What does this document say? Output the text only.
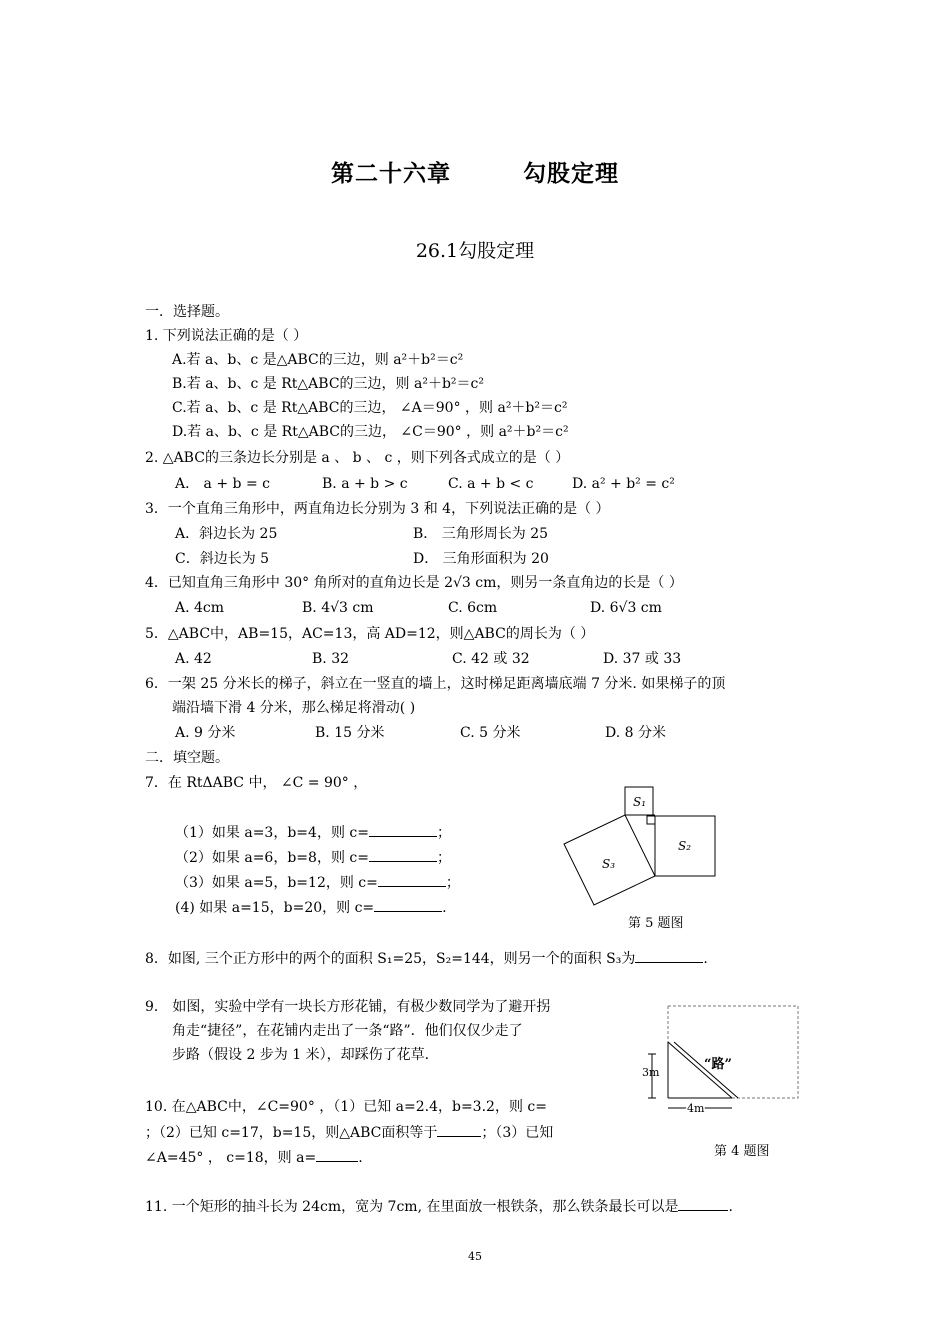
第二十六章        勾股定理
26.1勾股定理
一．选择题。
1. 下列说法正确的是（ ）
A.若 a、b、c 是△ABC的三边，则 a²＋b²＝c²
B.若 a、b、c 是 Rt△ABC的三边，则 a²＋b²＝c²
C.若 a、b、c 是 Rt△ABC的三边， ∠A＝90° ，则 a²＋b²＝c²
D.若 a、b、c 是 Rt△ABC的三边， ∠C＝90° ，则 a²＋b²＝c²
2. △ABC的三条边长分别是 a 、 b 、 c ，则下列各式成立的是（ ）
A． a + b = c	B. a + b > c	C. a + b < c	D. a² + b² = c²
3．一个直角三角形中，两直角边长分别为 3 和 4，下列说法正确的是（ ）
A．斜边长为 25	B． 三角形周长为 25
C．斜边长为 5	D． 三角形面积为 20
4．已知直角三角形中 30° 角所对的直角边长是 2√3 cm，则另一条直角边的长是（ ）
A. 4cm	B. 4√3 cm	C. 6cm	D. 6√3 cm
5．△ABC中，AB=15，AC=13，高 AD=12，则△ABC的周长为（ ）
A. 42	B. 32	C. 42 或 32	D. 37 或 33
6．一架 25 分米长的梯子，斜立在一竖直的墙上，这时梯足距离墙底端 7 分米. 如果梯子的顶
端沿墙下滑 4 分米，那么梯足将滑动( )
A. 9 分米	B. 15 分米	C. 5 分米	D. 8 分米
二．填空题。
7．在 RtΔABC 中， ∠C = 90° ，
（1）如果 a=3，b=4，则 c=	；
（2）如果 a=6，b=8，则 c=	；
（3）如果 a=5，b=12，则 c=	；
(4) 如果 a=15，b=20，则 c=	.
S₁
S₂
S₃
第 5 题图
8．如图, 三个正方形中的两个的面积 S₁=25，S₂=144，则另一个的面积 S₃为	.
9． 如图，实验中学有一块长方形花铺，有极少数同学为了避开拐
角走“捷径”，在花铺内走出了一条“路”．他们仅仅少走了
步路（假设 2 步为 1 米），却踩伤了花草.
3m
4m
“路”
第 4 题图
10. 在△ABC中，∠C=90° ，（1）已知 a=2.4，b=3.2，则 c=
；（2）已知 c=17，b=15，则△ABC面积等于	；（3）已知
∠A=45° ， c=18，则 a=	.
11. 一个矩形的抽斗长为 24cm，宽为 7cm, 在里面放一根铁条，那么铁条最长可以是	.
45
